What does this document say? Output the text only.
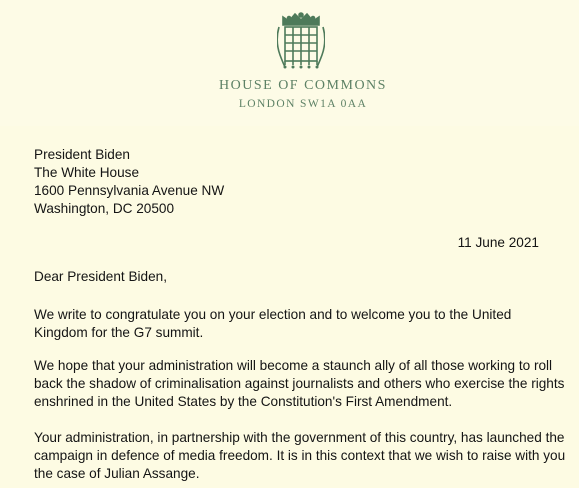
HOUSE OF COMMONS
LONDON SW1A 0AA
President Biden
The White House
1600 Pennsylvania Avenue NW
Washington, DC 20500
11 June 2021
Dear President Biden,
We write to congratulate you on your election and to welcome you to the United
Kingdom for the G7 summit.
We hope that your administration will become a staunch ally of all those working to roll
back the shadow of criminalisation against journalists and others who exercise the rights
enshrined in the United States by the Constitution's First Amendment.
Your administration, in partnership with the government of this country, has launched the
campaign in defence of media freedom. It is in this context that we wish to raise with you
the case of Julian Assange.
